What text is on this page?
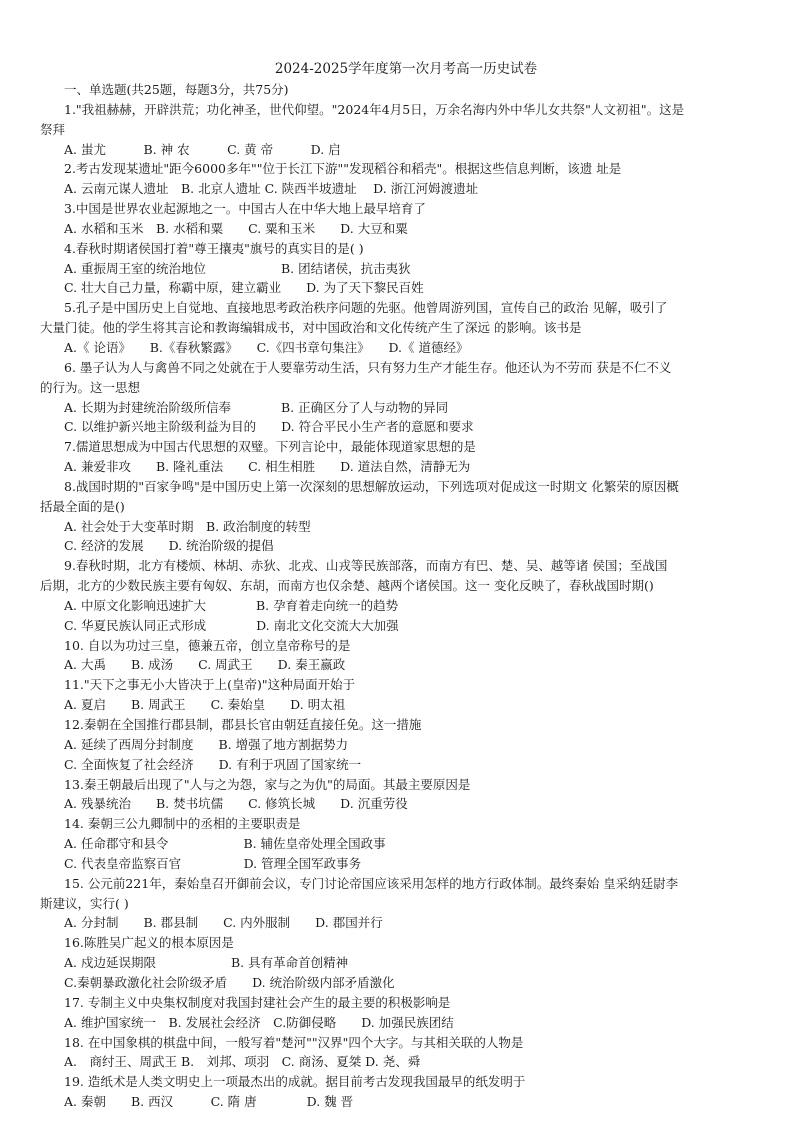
2024-2025学年度第一次月考高一历史试卷
一、单选题(共25题，每题3分，共75分)
1."我祖赫赫，开辟洪荒；功化神圣，世代仰望。"2024年4月5日，万余名海内外中华儿女共祭"人文初祖"。这是
祭拜
A. 蚩尤　　　B. 神 农　　　C. 黄 帝　　　D. 启
2.考古发现某遗址"距今6000多年""位于长江下游""发现稻谷和稻壳"。根据这些信息判断，该遗 址是
A. 云南元谋人遗址　B. 北京人遗址 C. 陕西半坡遗址　 D. 浙江河姆渡遗址
3.中国是世界农业起源地之一。中国古人在中华大地上最早培育了
A. 水稻和玉米　B. 水稻和粟　　C. 粟和玉米　　D. 大豆和粟
4.春秋时期诸侯国打着"尊王攘夷"旗号的真实目的是( )
A. 重振周王室的统治地位　　　　　　B. 团结诸侯，抗击夷狄
C. 壮大自己力量，称霸中原，建立霸业　　D. 为了天下黎民百姓
5.孔子是中国历史上自觉地、直接地思考政治秩序问题的先驱。他曾周游列国，宣传自己的政治 见解，吸引了
大量门徒。他的学生将其言论和教诲编辑成书，对中国政治和文化传统产生了深远 的影响。该书是
A.《 论语》　　B.《春秋繁露》　　C.《四书章句集注》　　D.《 道德经》
6. 墨子认为人与禽兽不同之处就在于人要靠劳动生活，只有努力生产才能生存。他还认为不劳而 获是不仁不义
的行为。这一思想
A. 长期为封建统治阶级所信奉　　　　B. 正确区分了人与动物的异同
C. 以维护新兴地主阶级利益为目的　　D. 符合平民小生产者的意愿和要求
7.儒道思想成为中国古代思想的双璧。下列言论中，最能体现道家思想的是
A. 兼爱非攻　　B. 隆礼重法　　C. 相生相胜　　D. 道法自然，清静无为
8.战国时期的"百家争鸣"是中国历史上第一次深刻的思想解放运动，下列选项对促成这一时期文 化繁荣的原因概
括最全面的是()
A. 社会处于大变革时期　B. 政治制度的转型
C. 经济的发展　　D. 统治阶级的提倡
9.春秋时期，北方有楼烦、林胡、赤狄、北戎、山戎等民族部落，而南方有巴、楚、吴、越等诸 侯国；至战国
后期，北方的少数民族主要有匈奴、东胡，而南方也仅余楚、越两个诸侯国。这一 变化反映了，春秋战国时期()
A. 中原文化影响迅速扩大　　　　B. 孕育着走向统一的趋势
C. 华夏民族认同正式形成　　　　D. 南北文化交流大大加强
10. 自以为功过三皇，德兼五帝，创立皇帝称号的是
A. 大禹　　B. 成汤　　C. 周武王　　D. 秦王嬴政
11."天下之事无小大皆决于上(皇帝)"这种局面开始于
A. 夏启　　B. 周武王　　C. 秦始皇　　D. 明太祖
12.秦朝在全国推行郡县制，郡县长官由朝廷直接任免。这一措施
A. 延续了西周分封制度　　B. 增强了地方割据势力
C. 全面恢复了社会经济　　D. 有利于巩固了国家统一
13.秦王朝最后出现了"人与之为怨，家与之为仇"的局面。其最主要原因是
A. 残暴统治　　B. 焚书坑儒　　C. 修筑长城　　D. 沉重劳役
14. 秦朝三公九卿制中的丞相的主要职责是
A. 任命郡守和县令　　　　　　B. 辅佐皇帝处理全国政事
C. 代表皇帝监察百官　　　　　D. 管理全国军政事务
15. 公元前221年，秦始皇召开御前会议，专门讨论帝国应该采用怎样的地方行政体制。最终秦始 皇采纳廷尉李
斯建议，实行( )
A. 分封制　　B. 郡县制　　C. 内外服制　　D. 郡国并行
16.陈胜吴广起义的根本原因是
A. 戍边延误期限　　　　　　B. 具有革命首创精神
C.秦朝暴政激化社会阶级矛盾　　D. 统治阶级内部矛盾激化
17. 专制主义中央集权制度对我国封建社会产生的最主要的积极影响是
A. 维护国家统一　B. 发展社会经济　C.防御侵略　　D. 加强民族团结
18. 在中国象棋的棋盘中间，一般写着"楚河""汉界"四个大字。与其相关联的人物是
A.　商纣王、周武王 B.　刘邦、项羽　C. 商汤、夏桀 D. 尧、舜
19. 造纸术是人类文明史上一项最杰出的成就。据目前考古发现我国最早的纸发明于
A. 秦朝　　B. 西汉　　　C. 隋 唐　　　　D. 魏 晋
